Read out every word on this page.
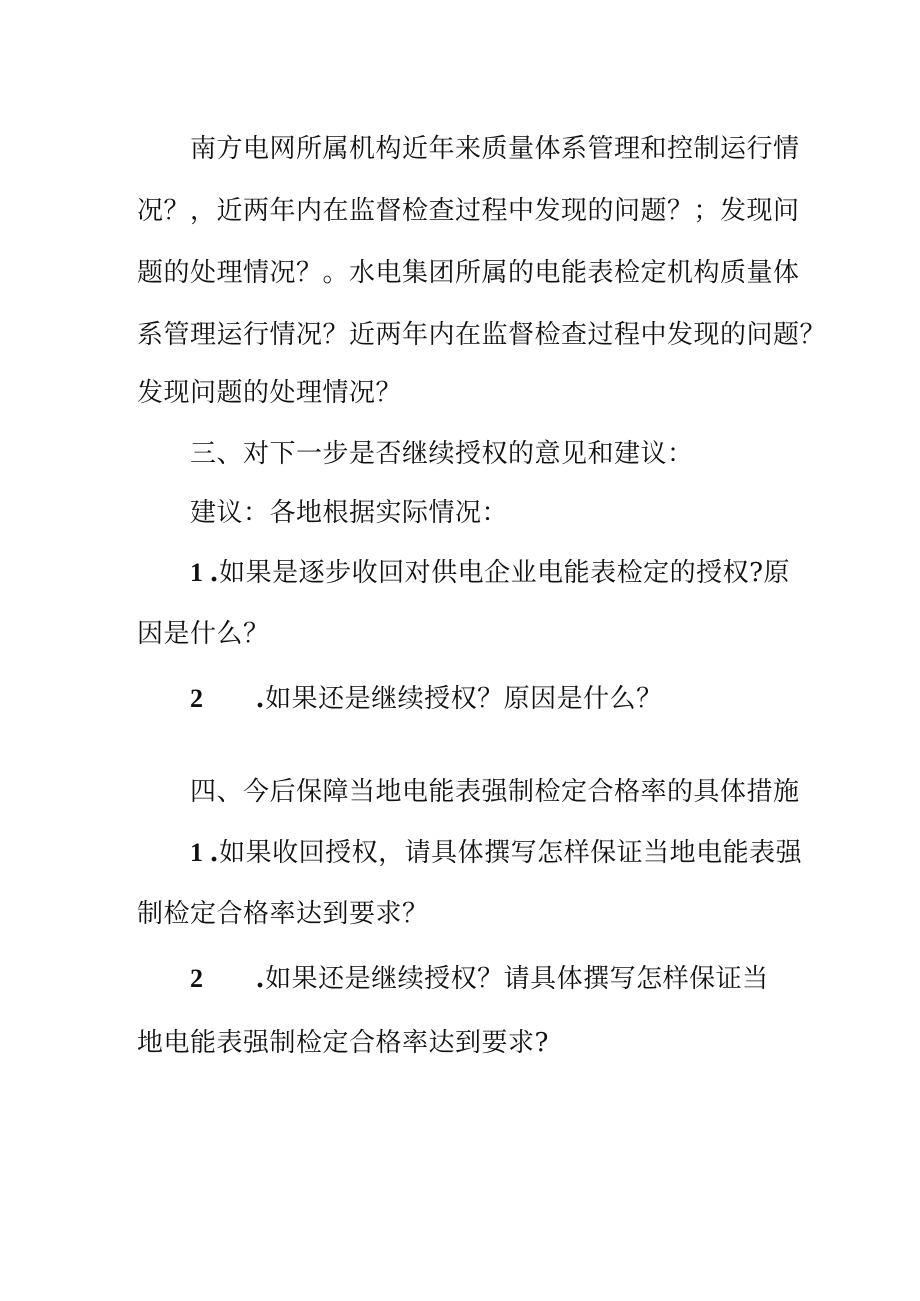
南方电网所属机构近年来质量体系管理和控制运行情
况？，近两年内在监督检查过程中发现的问题？；发现问
题的处理情况？。水电集团所属的电能表检定机构质量体
系管理运行情况？近两年内在监督检查过程中发现的问题？
发现问题的处理情况？
三、对下一步是否继续授权的意见和建议：
建议：各地根据实际情况：
1 .如果是逐步收回对供电企业电能表检定的授权?原
因是什么？
2 .如果还是继续授权？原因是什么？
四、今后保障当地电能表强制检定合格率的具体措施
1 .如果收回授权，请具体撰写怎样保证当地电能表强
制检定合格率达到要求？
2 .如果还是继续授权？请具体撰写怎样保证当
地电能表强制检定合格率达到要求?
